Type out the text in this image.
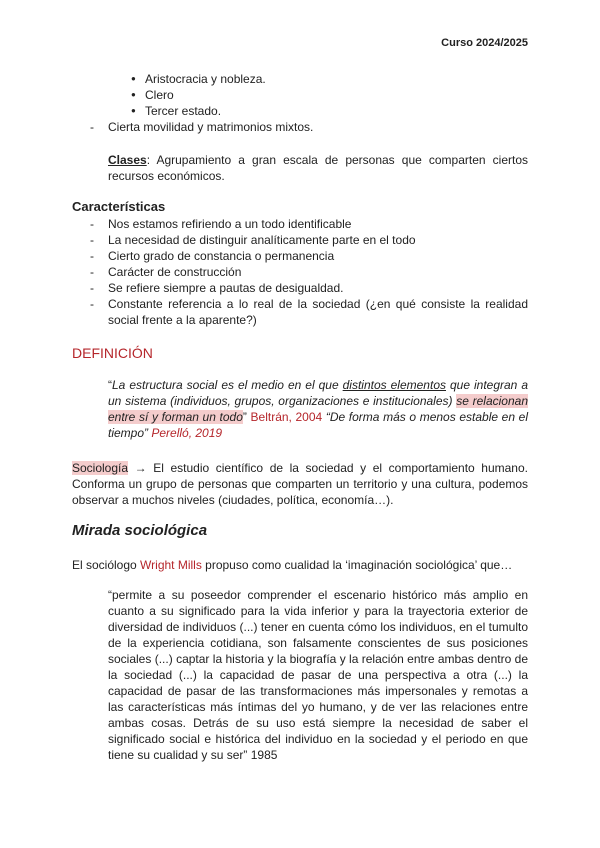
Curso 2024/2025
● Aristocracia y nobleza.
● Clero
● Tercer estado.
- Cierta movilidad y matrimonios mixtos.
Clases: Agrupamiento a gran escala de personas que comparten ciertos recursos económicos.
Características
- Nos estamos refiriendo a un todo identificable
- La necesidad de distinguir analíticamente parte en el todo
- Cierto grado de constancia o permanencia
- Carácter de construcción
- Se refiere siempre a pautas de desigualdad.
- Constante referencia a lo real de la sociedad (¿en qué consiste la realidad social frente a la aparente?)
DEFINICIÓN
“La estructura social es el medio en el que distintos elementos que integran a un sistema (individuos, grupos, organizaciones e institucionales) se relacionan entre sí y forman un todo” Beltrán, 2004 “De forma más o menos estable en el tiempo” Perelló, 2019
Sociología → El estudio científico de la sociedad y el comportamiento humano. Conforma un grupo de personas que comparten un territorio y una cultura, podemos observar a muchos niveles (ciudades, política, economía…).
Mirada sociológica
El sociólogo Wright Mills propuso como cualidad la ‘imaginación sociológica’ que…
“permite a su poseedor comprender el escenario histórico más amplio en cuanto a su significado para la vida inferior y para la trayectoria exterior de diversidad de individuos (...) tener en cuenta cómo los individuos, en el tumulto de la experiencia cotidiana, son falsamente conscientes de sus posiciones sociales (...) captar la historia y la biografía y la relación entre ambas dentro de la sociedad (...) la capacidad de pasar de una perspectiva a otra (...) la capacidad de pasar de las transformaciones más impersonales y remotas a las características más íntimas del yo humano, y de ver las relaciones entre ambas cosas. Detrás de su uso está siempre la necesidad de saber el significado social e histórica del individuo en la sociedad y el periodo en que tiene su cualidad y su ser” 1985
